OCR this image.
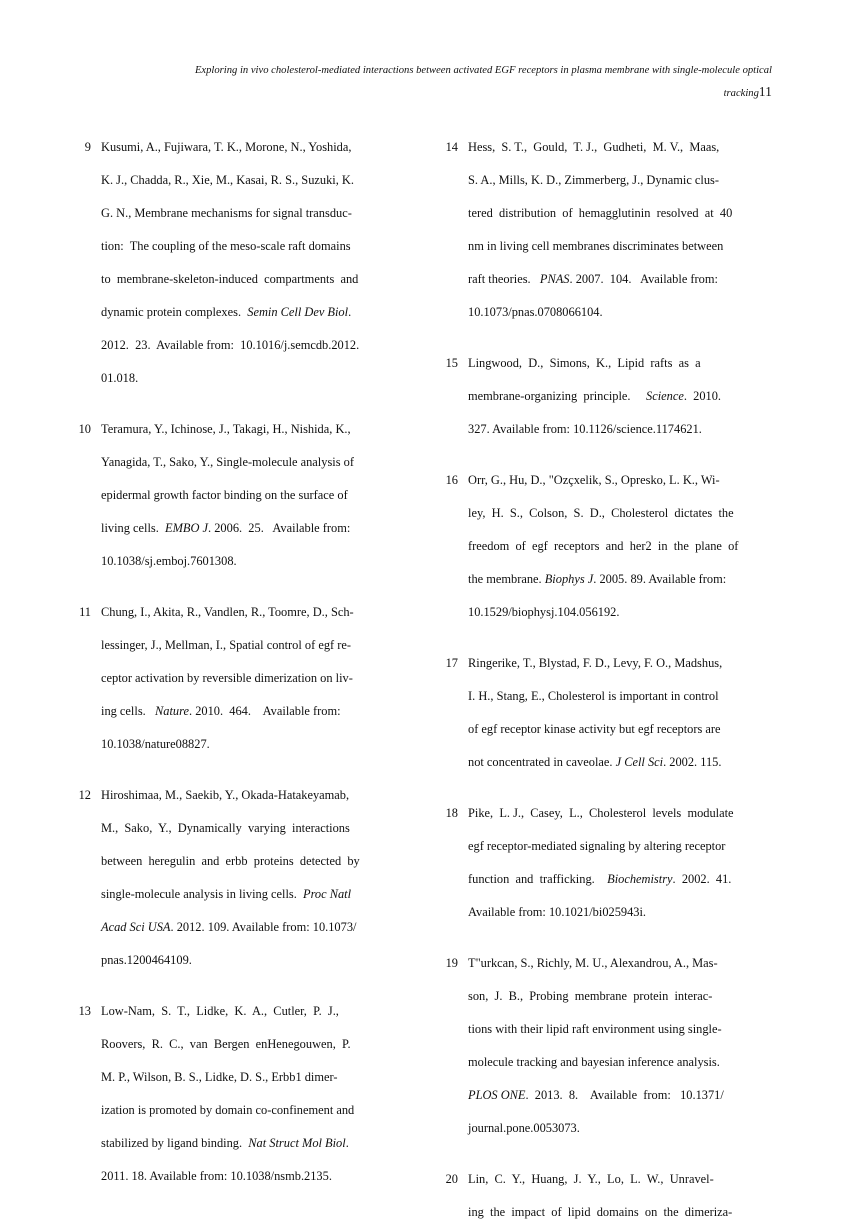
Exploring in vivo cholesterol-mediated interactions between activated EGF receptors in plasma membrane with single-molecule optical
tracking11
9 Kusumi, A., Fujiwara, T. K., Morone, N., Yoshida,
K. J., Chadda, R., Xie, M., Kasai, R. S., Suzuki, K.
G. N., Membrane mechanisms for signal transduc-
tion:  The coupling of the meso-scale raft domains
to  membrane-skeleton-induced  compartments  and
dynamic protein complexes.  Semin Cell Dev Biol.
2012.  23.  Available from:  10.1016/j.semcdb.2012.
01.018.
10 Teramura, Y., Ichinose, J., Takagi, H., Nishida, K.,
Yanagida, T., Sako, Y., Single-molecule analysis of
epidermal growth factor binding on the surface of
living cells.  EMBO J. 2006.  25.   Available from:
10.1038/sj.emboj.7601308.
11 Chung, I., Akita, R., Vandlen, R., Toomre, D., Sch-
lessinger, J., Mellman, I., Spatial control of egf re-
ceptor activation by reversible dimerization on liv-
ing cells.   Nature. 2010.  464.    Available from:
10.1038/nature08827.
12 Hiroshimaa, M., Saekib, Y., Okada-Hatakeyamab,
M.,  Sako,  Y.,  Dynamically  varying  interactions
between  heregulin  and  erbb  proteins  detected  by
single-molecule analysis in living cells.  Proc Natl
Acad Sci USA. 2012. 109. Available from: 10.1073/
pnas.1200464109.
13 Low-Nam,  S.  T.,  Lidke,  K.  A.,  Cutler,  P.  J.,
Roovers,  R.  C.,  van  Bergen  enHenegouwen,  P.
M. P., Wilson, B. S., Lidke, D. S., Erbb1 dimer-
ization is promoted by domain co-confinement and
stabilized by ligand binding.  Nat Struct Mol Biol.
2011. 18. Available from: 10.1038/nsmb.2135.
14 Hess,  S. T.,  Gould,  T. J.,  Gudheti,  M. V.,  Maas,
S. A., Mills, K. D., Zimmerberg, J., Dynamic clus-
tered  distribution  of  hemagglutinin  resolved  at  40
nm in living cell membranes discriminates between
raft theories.   PNAS. 2007.  104.   Available from:
10.1073/pnas.0708066104.
15 Lingwood,  D.,  Simons,  K.,  Lipid  rafts  as  a
membrane-organizing  principle.     Science.  2010.
327. Available from: 10.1126/science.1174621.
16 Orr, G., Hu, D., "Ozçxelik, S., Opresko, L. K., Wi-
ley,  H.  S.,  Colson,  S.  D.,  Cholesterol  dictates  the
freedom  of  egf  receptors  and  her2  in  the  plane  of
the membrane. Biophys J. 2005. 89. Available from:
10.1529/biophysj.104.056192.
17 Ringerike, T., Blystad, F. D., Levy, F. O., Madshus,
I. H., Stang, E., Cholesterol is important in control
of egf receptor kinase activity but egf receptors are
not concentrated in caveolae. J Cell Sci. 2002. 115.
18 Pike,  L. J.,  Casey,  L.,  Cholesterol  levels  modulate
egf receptor-mediated signaling by altering receptor
function  and  trafficking.    Biochemistry.  2002.  41.
Available from: 10.1021/bi025943i.
19 T"urkcan, S., Richly, M. U., Alexandrou, A., Mas-
son,  J.  B.,  Probing  membrane  protein  interac-
tions with their lipid raft environment using single-
molecule tracking and bayesian inference analysis.
PLOS ONE.  2013.  8.    Available  from:   10.1371/
journal.pone.0053073.
20 Lin,  C.  Y.,  Huang,  J.  Y.,  Lo,  L.  W.,  Unravel-
ing  the  impact  of  lipid  domains  on  the  dimeriza-
